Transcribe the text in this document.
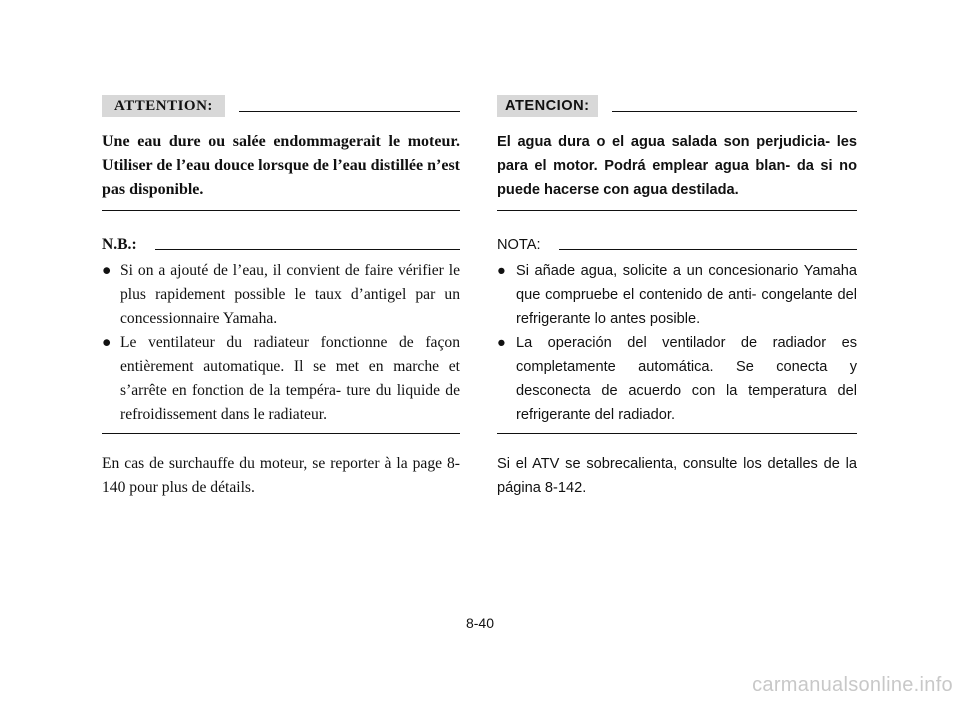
ATTENTION:
Une eau dure ou salée endommagerait le moteur. Utiliser de l’eau douce lorsque de l’eau distillée n’est pas disponible.
N.B.:
● Si on a ajouté de l’eau, il convient de faire vérifier le plus rapidement possible le taux d’antigel par un concessionnaire Yamaha.
● Le ventilateur du radiateur fonctionne de façon entièrement automatique. Il se met en marche et s’arrête en fonction de la tempéra- ture du liquide de refroidissement dans le radiateur.
En cas de surchauffe du moteur, se reporter à la page 8-140 pour plus de détails.
ATENCION:
El agua dura o el agua salada son perjudicia- les para el motor. Podrá emplear agua blan- da si no puede hacerse con agua destilada.
NOTA:
● Si añade agua, solicite a un concesionario Yamaha que compruebe el contenido de anti- congelante del refrigerante lo antes posible.
● La operación del ventilador de radiador es completamente automática. Se conecta y desconecta de acuerdo con la temperatura del refrigerante del radiador.
Si el ATV se sobrecalienta, consulte los detalles de la página 8-142.
8-40
carmanualsonline.info
